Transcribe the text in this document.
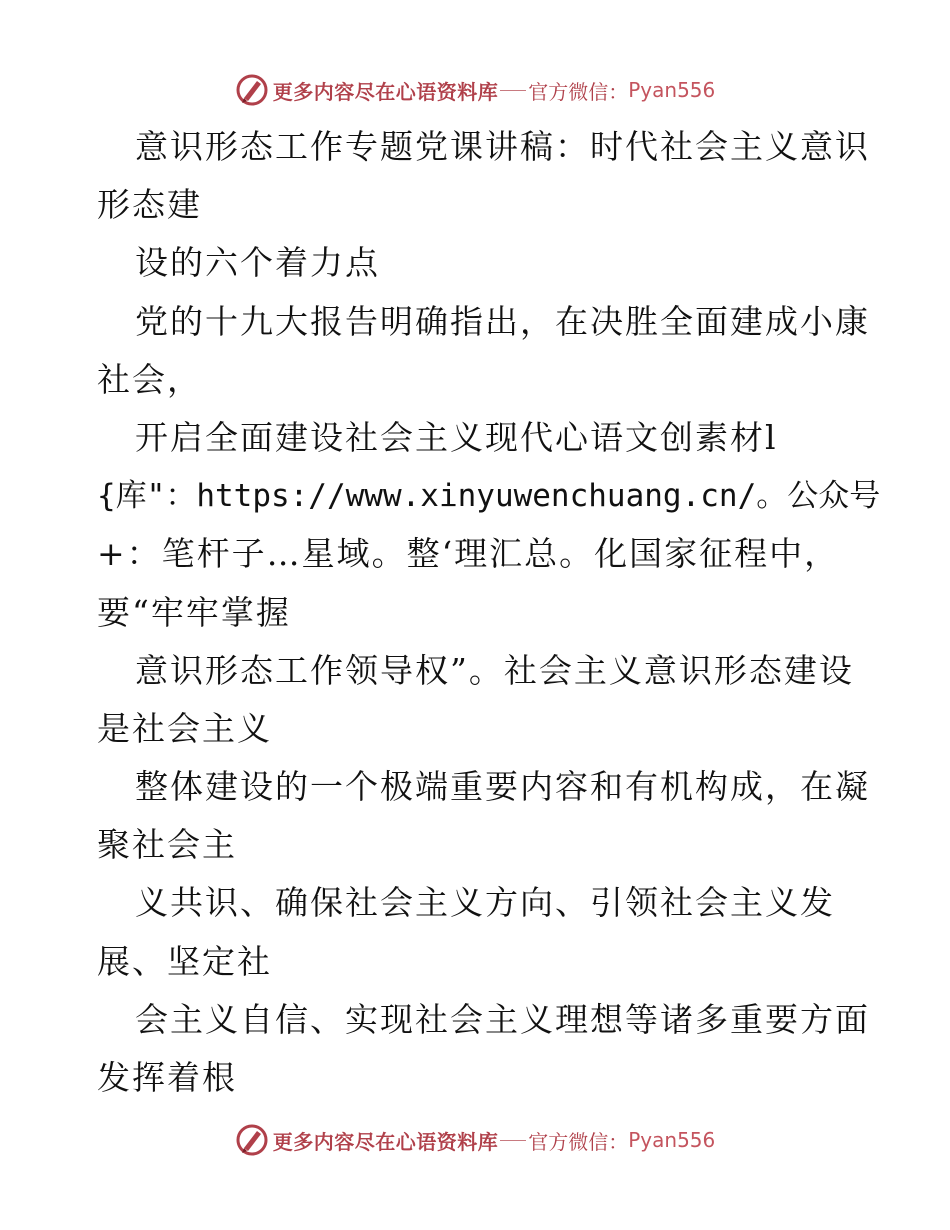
更多内容尽在心语资料库 官方微信： Pyan556
意识形态工作专题党课讲稿：时代社会主义意识
形态建
设的六个着力点
党的十九大报告明确指出，在决胜全面建成小康
社会，
开启全面建设社会主义现代心语文创素材l
{库"：https://www.xinyuwenchuang.cn/。公众号
+：笔杆子…星域。整‘理汇总。化国家征程中，
要“牢牢掌握
意识形态工作领导权”。社会主义意识形态建设
是社会主义
整体建设的一个极端重要内容和有机构成，在凝
聚社会主
义共识、确保社会主义方向、引领社会主义发
展、坚定社
会主义自信、实现社会主义理想等诸多重要方面
发挥着根
更多内容尽在心语资料库 官方微信： Pyan556
